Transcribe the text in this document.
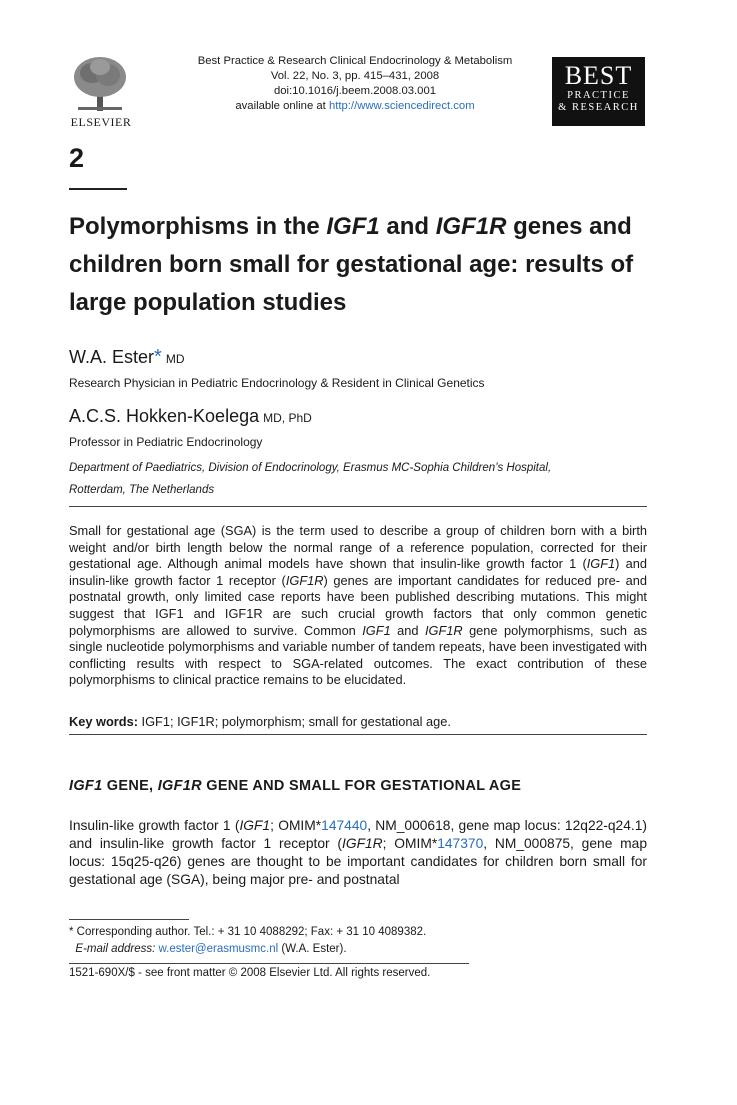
ELSEVIER
Best Practice & Research Clinical Endocrinology & Metabolism
Vol. 22, No. 3, pp. 415–431, 2008
doi:10.1016/j.beem.2008.03.001
available online at http://www.sciencedirect.com
BEST
PRACTICE
& RESEARCH
2
Polymorphisms in the IGF1 and IGF1R genes and children born small for gestational age: results of large population studies
W.A. Ester* MD
Research Physician in Pediatric Endocrinology & Resident in Clinical Genetics
A.C.S. Hokken-Koelega MD, PhD
Professor in Pediatric Endocrinology
Department of Paediatrics, Division of Endocrinology, Erasmus MC-Sophia Children’s Hospital,
Rotterdam, The Netherlands
Small for gestational age (SGA) is the term used to describe a group of children born with a birth weight and/or birth length below the normal range of a reference population, corrected for their gestational age. Although animal models have shown that insulin-like growth factor 1 (IGF1) and insulin-like growth factor 1 receptor (IGF1R) genes are important candidates for reduced pre- and postnatal growth, only limited case reports have been published describing mutations. This might suggest that IGF1 and IGF1R are such crucial growth factors that only common genetic polymorphisms are allowed to survive. Common IGF1 and IGF1R gene polymorphisms, such as single nucleotide polymorphisms and variable number of tandem repeats, have been investigated with conflicting results with respect to SGA-related outcomes. The exact contribution of these polymorphisms to clinical practice remains to be elucidated.
Key words: IGF1; IGF1R; polymorphism; small for gestational age.
IGF1 GENE, IGF1R GENE AND SMALL FOR GESTATIONAL AGE
Insulin-like growth factor 1 (IGF1; OMIM*147440, NM_000618, gene map locus: 12q22-q24.1) and insulin-like growth factor 1 receptor (IGF1R; OMIM*147370, NM_000875, gene map locus: 15q25-q26) genes are thought to be important candidates for children born small for gestational age (SGA), being major pre- and postnatal
* Corresponding author. Tel.: + 31 10 4088292; Fax: + 31 10 4089382.
E-mail address: w.ester@erasmusmc.nl (W.A. Ester).
1521-690X/$ - see front matter © 2008 Elsevier Ltd. All rights reserved.
